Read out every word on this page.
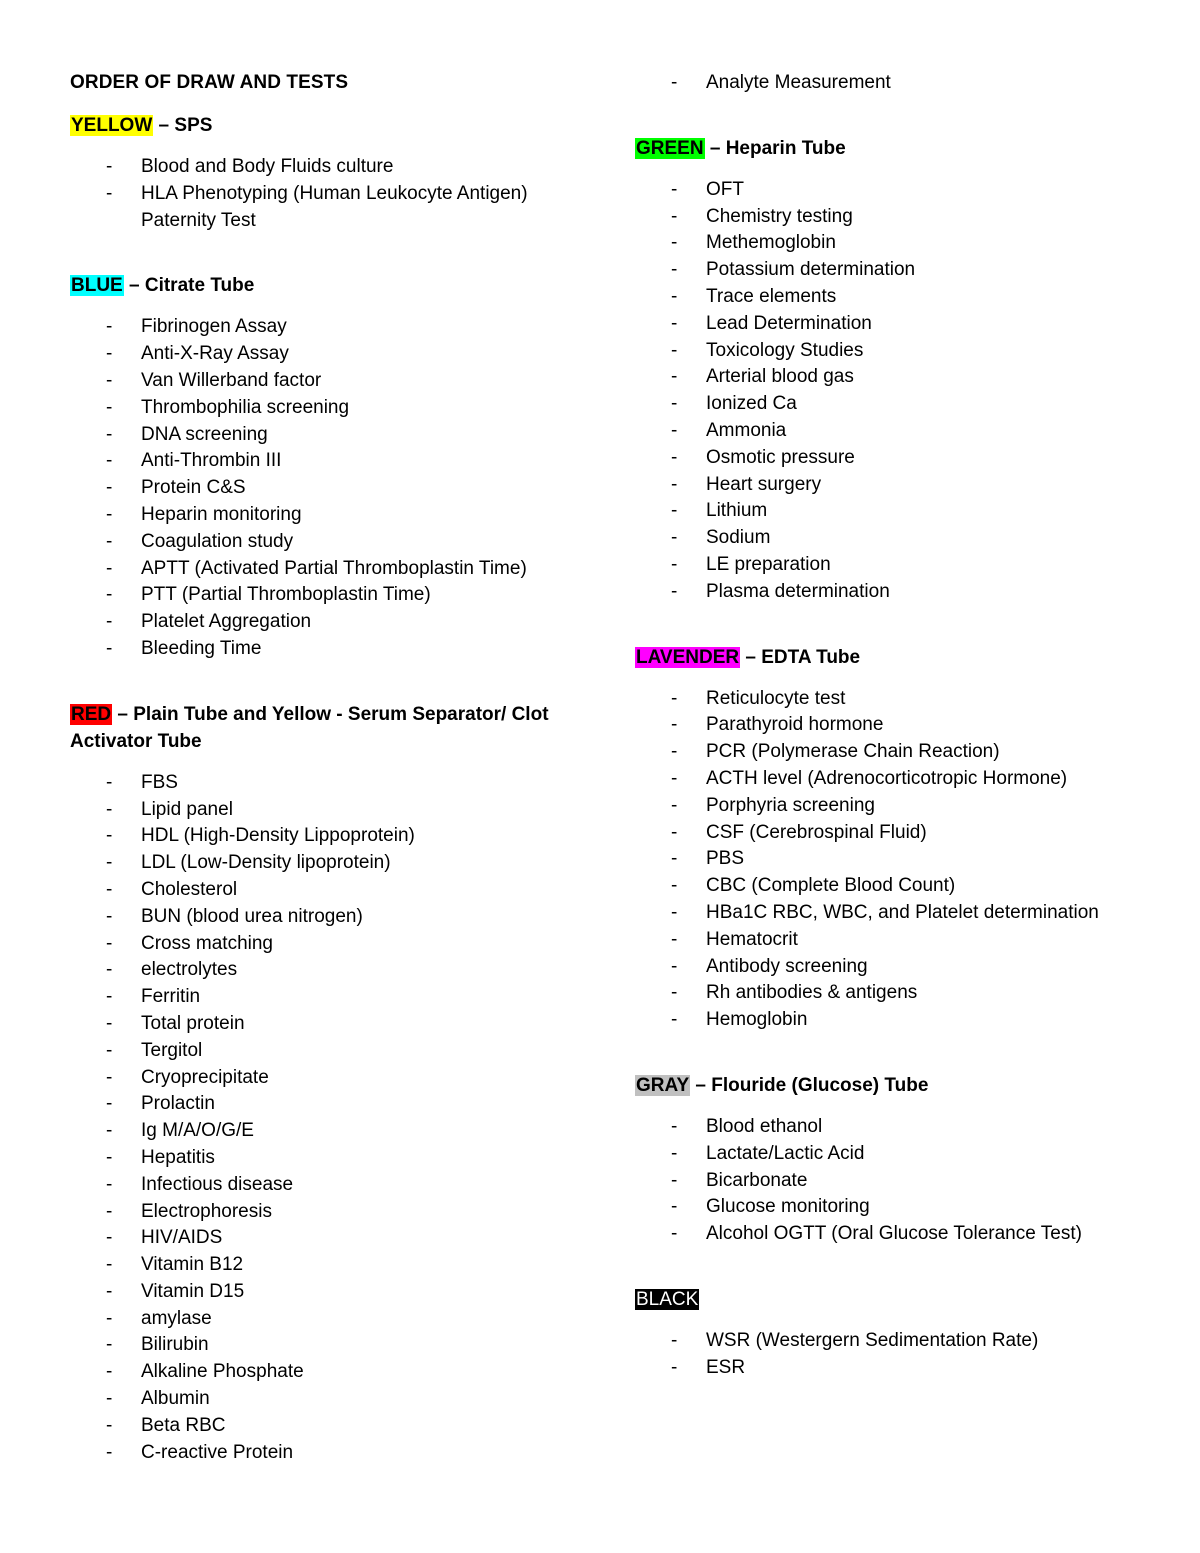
ORDER OF DRAW AND TESTS
YELLOW – SPS
-	Blood and Body Fluids culture
-	HLA Phenotyping (Human Leukocyte Antigen) Paternity Test
BLUE – Citrate Tube
-	Fibrinogen Assay
-	Anti-X-Ray Assay
-	Van Willerband factor
-	Thrombophilia screening
-	DNA screening
-	Anti-Thrombin III
-	Protein C&S
-	Heparin monitoring
-	Coagulation study
-	APTT (Activated Partial Thromboplastin Time)
-	PTT (Partial Thromboplastin Time)
-	Platelet Aggregation
-	Bleeding Time
RED – Plain Tube and Yellow - Serum Separator/ Clot Activator Tube
-	FBS
-	Lipid panel
-	HDL (High-Density Lippoprotein)
-	LDL (Low-Density lipoprotein)
-	Cholesterol
-	BUN (blood urea nitrogen)
-	Cross matching
-	electrolytes
-	Ferritin
-	Total protein
-	Tergitol
-	Cryoprecipitate
-	Prolactin
-	Ig M/A/O/G/E
-	Hepatitis
-	Infectious disease
-	Electrophoresis
-	HIV/AIDS
-	Vitamin B12
-	Vitamin D15
-	amylase
-	Bilirubin
-	Alkaline Phosphate
-	Albumin
-	Beta RBC
-	C-reactive Protein
-	Analyte Measurement
GREEN – Heparin Tube
-	OFT
-	Chemistry testing
-	Methemoglobin
-	Potassium determination
-	Trace elements
-	Lead Determination
-	Toxicology Studies
-	Arterial blood gas
-	Ionized Ca
-	Ammonia
-	Osmotic pressure
-	Heart surgery
-	Lithium
-	Sodium
-	LE preparation
-	Plasma determination
LAVENDER – EDTA Tube
-	Reticulocyte test
-	Parathyroid hormone
-	PCR (Polymerase Chain Reaction)
-	ACTH level (Adrenocorticotropic Hormone)
-	Porphyria screening
-	CSF (Cerebrospinal Fluid)
-	PBS
-	CBC (Complete Blood Count)
-	HBa1C RBC, WBC, and Platelet determination
-	Hematocrit
-	Antibody screening
-	Rh antibodies & antigens
-	Hemoglobin
GRAY – Flouride (Glucose) Tube
-	Blood ethanol
-	Lactate/Lactic Acid
-	Bicarbonate
-	Glucose monitoring
-	Alcohol OGTT (Oral Glucose Tolerance Test)
BLACK
-	WSR (Westergern Sedimentation Rate)
-	ESR
